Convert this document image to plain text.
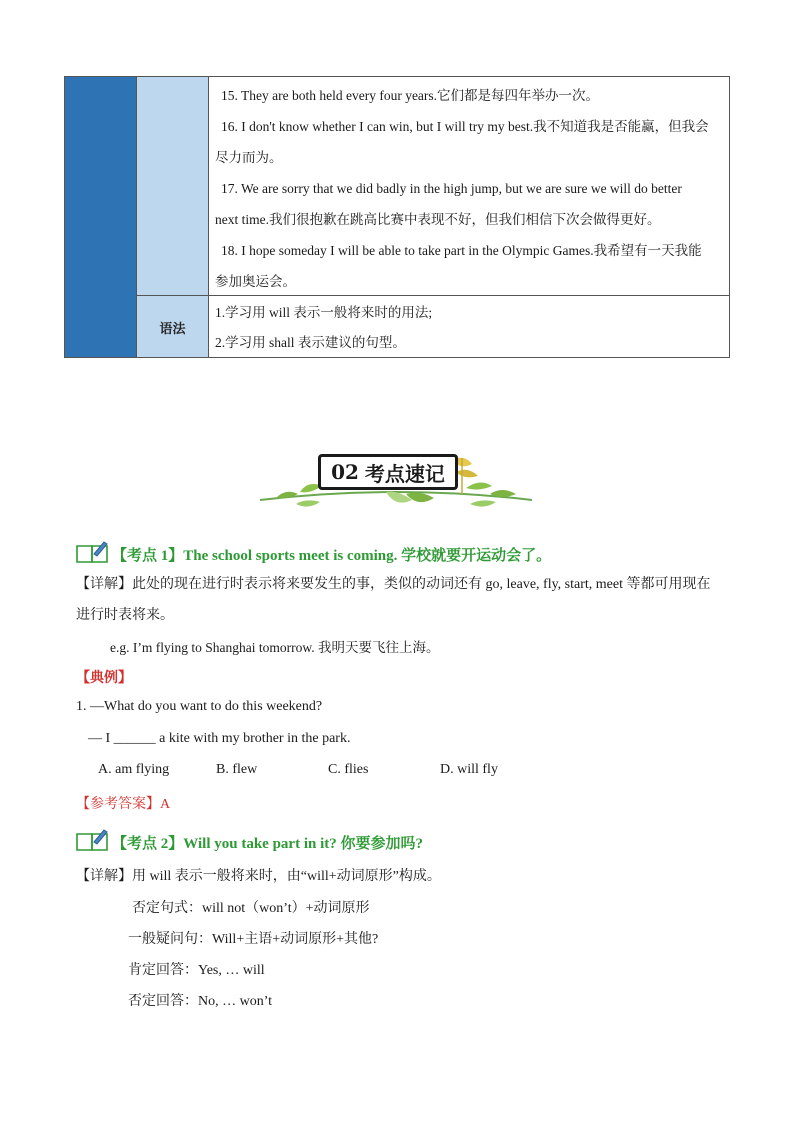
15. They are both held every four years.它们都是每四年举办一次。
16. I don't know whether I can win, but I will try my best.我不知道我是否能赢，但我会
尽力而为。
17. We are sorry that we did badly in the high jump, but we are sure we will do better
next time.我们很抱歉在跳高比赛中表现不好，但我们相信下次会做得更好。
18. I hope someday I will be able to take part in the Olympic Games.我希望有一天我能
参加奥运会。
语法
1.学习用 will 表示一般将来时的用法;
2.学习用 shall 表示建议的句型。
02 考点速记
【考点 1】The school sports meet is coming. 学校就要开运动会了。
【详解】此处的现在进行时表示将来要发生的事，类似的动词还有 go, leave, fly, start, meet 等都可用现在
进行时表将来。
e.g. I’m flying to Shanghai tomorrow. 我明天要飞往上海。
【典例】
1. —What do you want to do this weekend?
— I ______ a kite with my brother in the park.
A. am flying	B. flew	C. flies	D. will fly
【参考答案】A
【考点 2】Will you take part in it? 你要参加吗?
【详解】用 will 表示一般将来时，由“will+动词原形”构成。
否定句式：will not（won’t）+动词原形
一般疑问句：Will+主语+动词原形+其他?
肯定回答：Yes, … will
否定回答：No, … won’t
